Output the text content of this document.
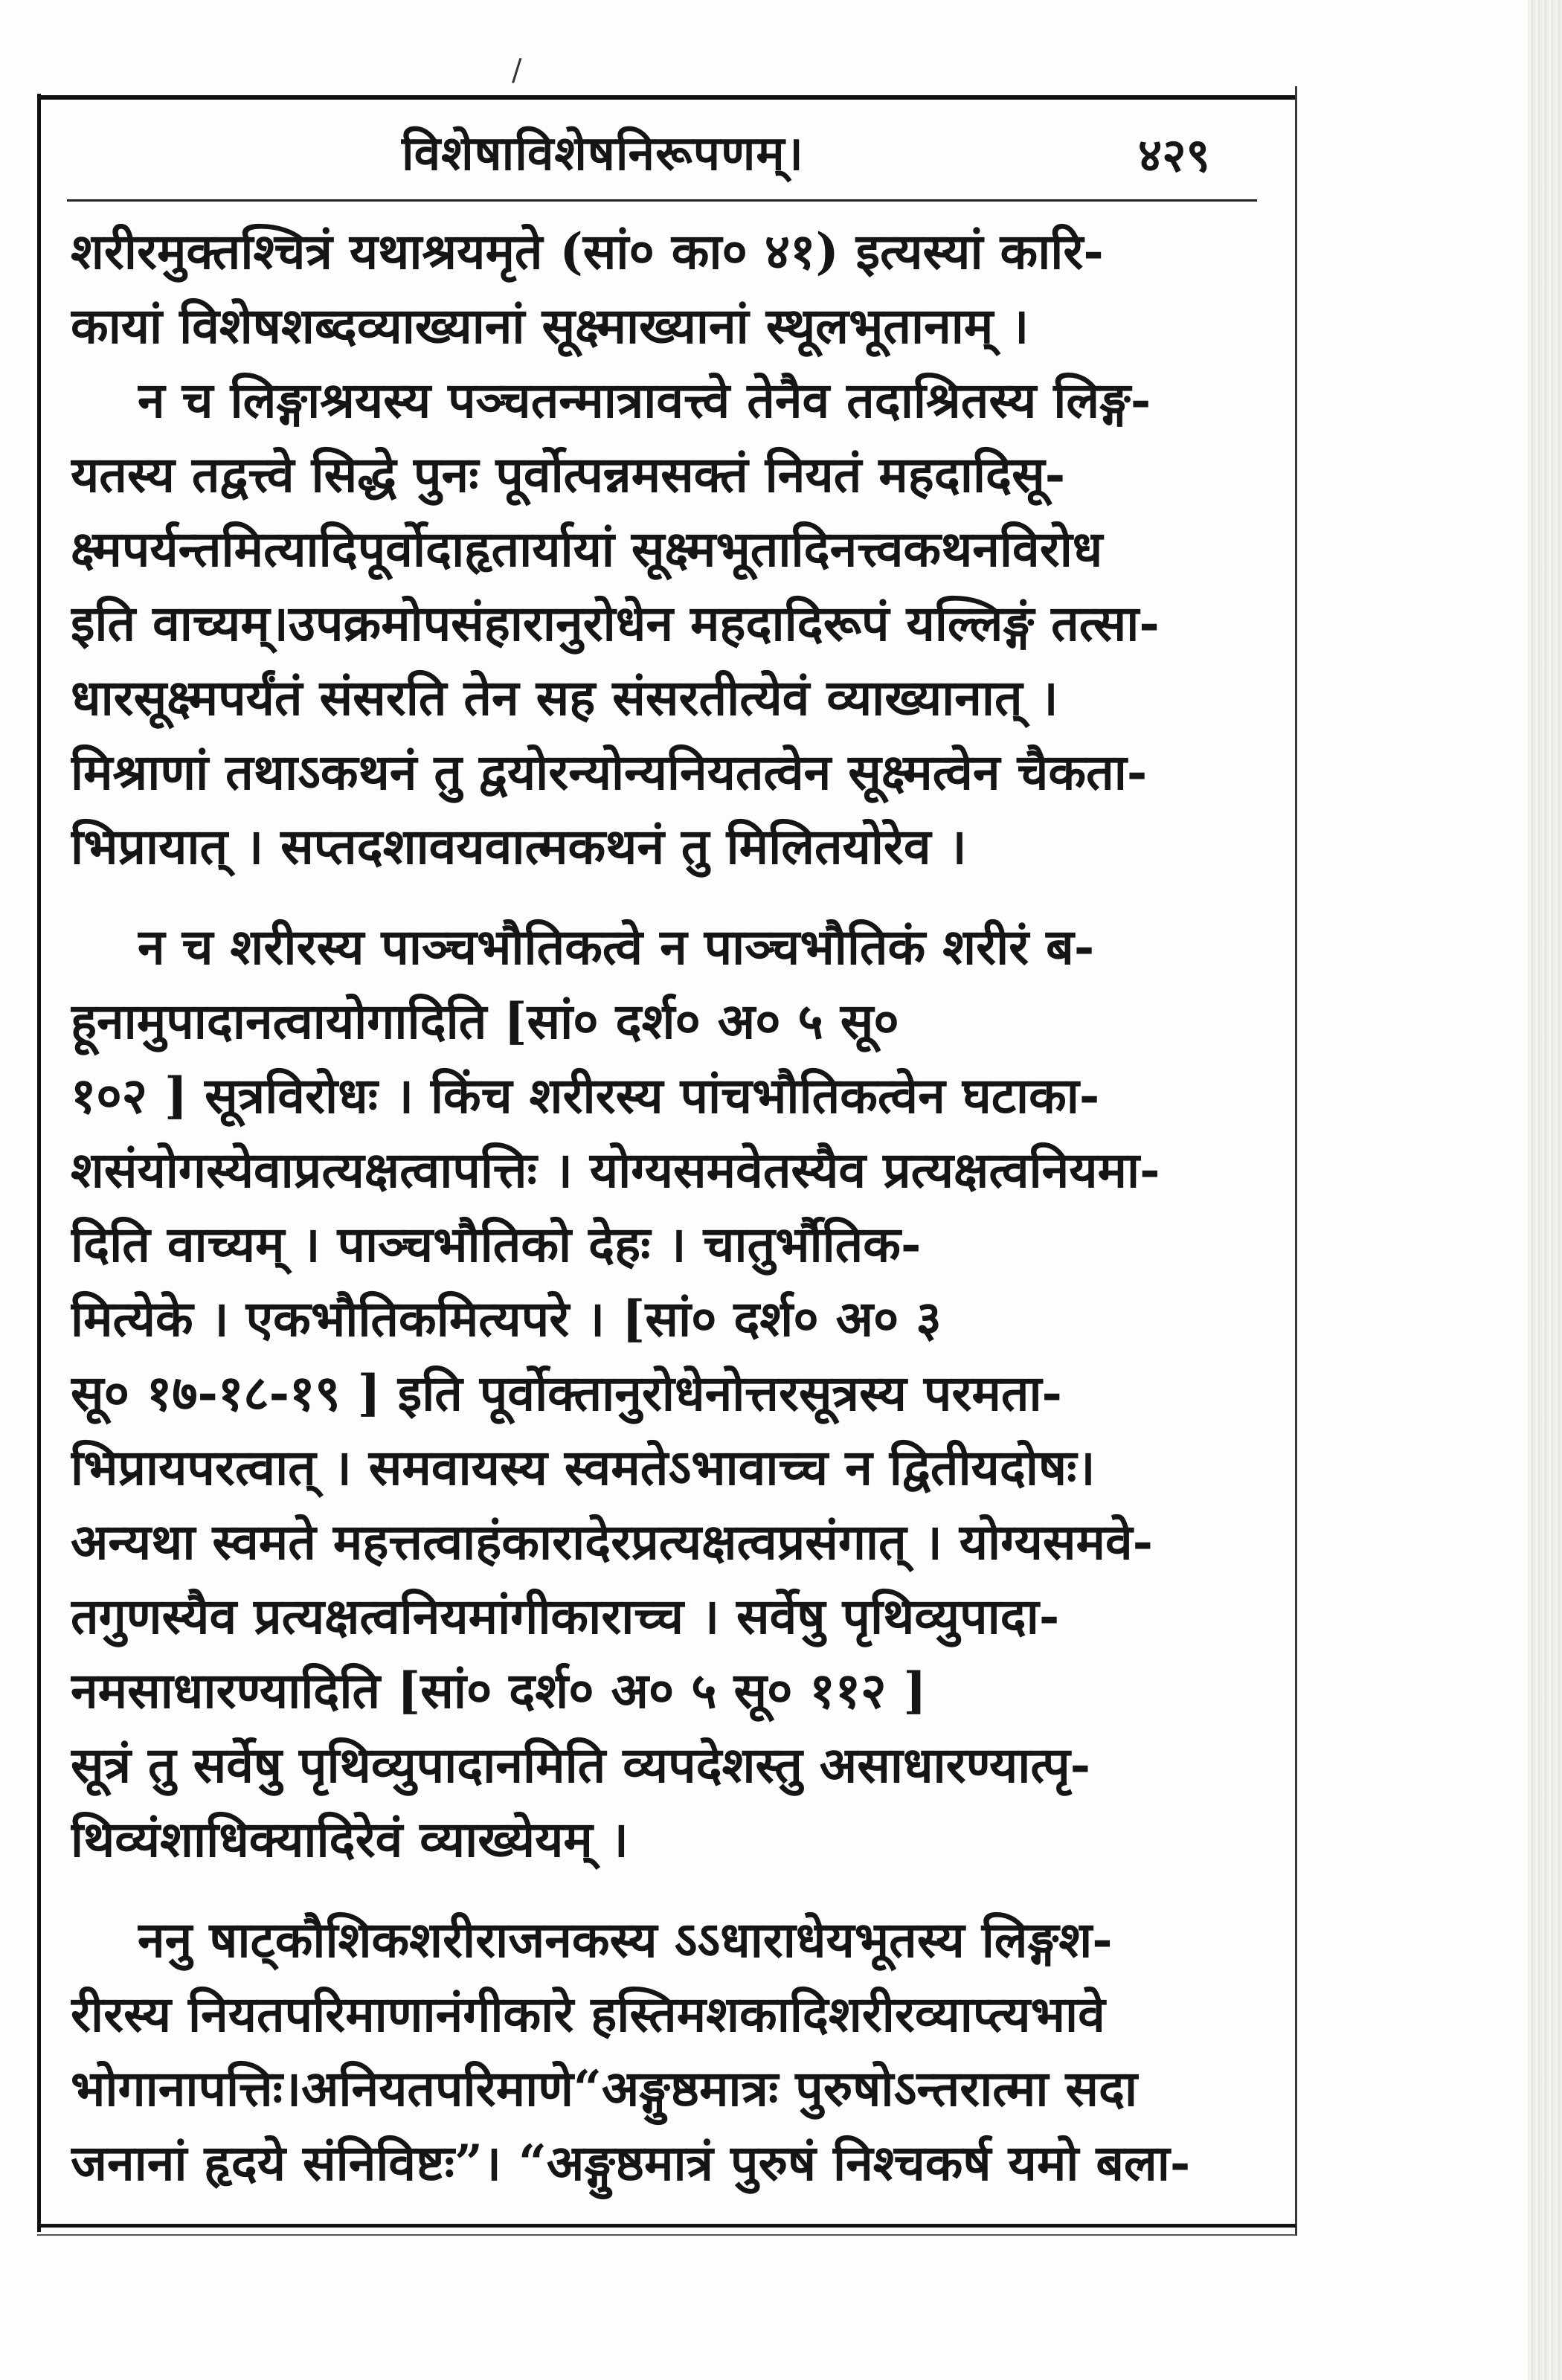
/
विशेषाविशेषनिरूपणम्।	४२९
शरीरमुक्तश्चित्रं यथाश्रयमृते (सां० का० ४१) इत्यस्यां कारि-
कायां विशेषशब्दव्याख्यानां सूक्ष्माख्यानां स्थूलभूतानाम् ।
न च लिङ्गाश्रयस्य पञ्चतन्मात्रावत्त्वे तेनैव तदाश्रितस्य लिङ्ग-
यतस्य तद्वत्त्वे सिद्धे पुनः पूर्वोत्पन्नमसक्तं नियतं महदादिसू-
क्ष्मपर्यन्तमित्यादिपूर्वोदाहृतार्यायां सूक्ष्मभूतादिनत्त्वकथनविरोध
इति वाच्यम्।उपक्रमोपसंहारानुरोधेन महदादिरूपं यल्लिङ्गं तत्सा-
धारसूक्ष्मपर्यंतं संसरति तेन सह संसरतीत्येवं व्याख्यानात् ।
मिश्राणां तथाऽकथनं तु द्वयोरन्योन्यनियतत्वेन सूक्ष्मत्वेन चैकता-
भिप्रायात् । सप्तदशावयवात्मकथनं तु मिलितयोरेव ।
न च शरीरस्य पाञ्चभौतिकत्वे न पाञ्चभौतिकं शरीरं ब-
हूनामुपादानत्वायोगादिति [सां० दर्श० अ० ५ सू०
१०२ ] सूत्रविरोधः । किंच शरीरस्य पांचभौतिकत्वेन घटाका-
शसंयोगस्येवाप्रत्यक्षत्वापत्तिः । योग्यसमवेतस्यैव प्रत्यक्षत्वनियमा-
दिति वाच्यम् । पाञ्चभौतिको देहः । चातुर्भौतिक-
मित्येके । एकभौतिकमित्यपरे । [सां० दर्श० अ० ३
सू० १७-१८-१९ ] इति पूर्वोक्तानुरोधेनोत्तरसूत्रस्य परमता-
भिप्रायपरत्वात् । समवायस्य स्वमतेऽभावाच्च न द्वितीयदोषः।
अन्यथा स्वमते महत्तत्वाहंकारादेरप्रत्यक्षत्वप्रसंगात् । योग्यसमवे-
तगुणस्यैव प्रत्यक्षत्वनियमांगीकाराच्च । सर्वेषु पृथिव्युपादा-
नमसाधारण्यादिति [सां० दर्श० अ० ५ सू० ११२ ]
सूत्रं तु सर्वेषु पृथिव्युपादानमिति व्यपदेशस्तु असाधारण्यात्पृ-
थिव्यंशाधिक्यादिरेवं व्याख्येयम् ।
ननु षाट्कौशिकशरीराजनकस्य ऽऽधाराधेयभूतस्य लिङ्गश-
रीरस्य नियतपरिमाणानंगीकारे हस्तिमशकादिशरीरव्याप्त्यभावे
भोगानापत्तिः।अनियतपरिमाणे“अङ्गुष्ठमात्रः पुरुषोऽन्तरात्मा सदा
जनानां हृदये संनिविष्टः”। “अङ्गुष्ठमात्रं पुरुषं निश्चकर्ष यमो बला-
